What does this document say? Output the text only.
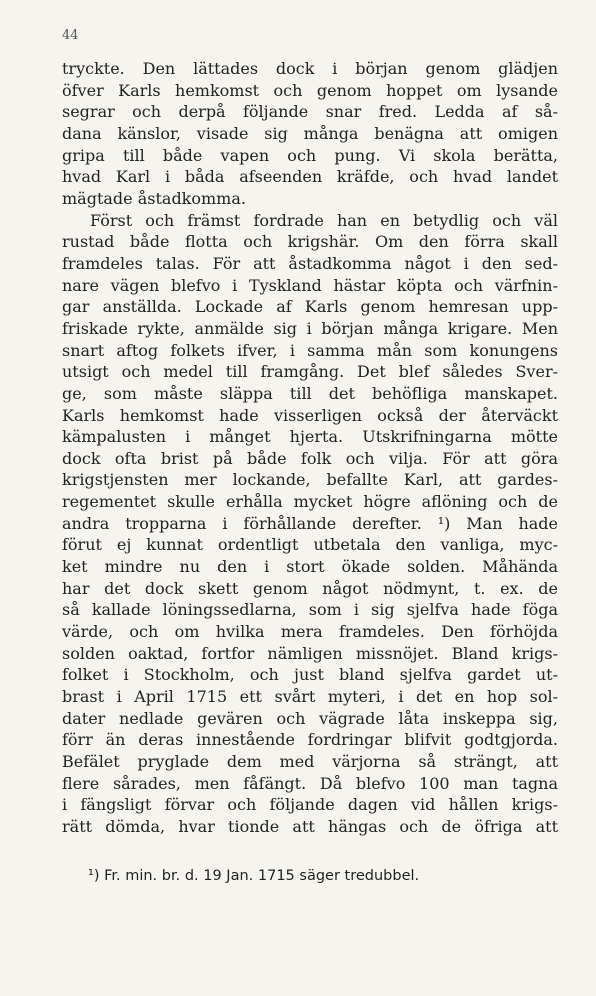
44
tryckte. Den lättades dock i början genom glädjen
öfver Karls hemkomst och genom hoppet om lysande
segrar och derpå följande snar fred. Ledda af så-
dana känslor, visade sig många benägna att omigen
gripa till både vapen och pung. Vi skola berätta,
hvad Karl i båda afseenden kräfde, och hvad landet
mägtade åstadkomma.
Först och främst fordrade han en betydlig och väl
rustad både flotta och krigshär. Om den förra skall
framdeles talas. För att åstadkomma något i den sed-
nare vägen blefvo i Tyskland hästar köpta och värfnin-
gar anställda. Lockade af Karls genom hemresan upp-
friskade rykte, anmälde sig i början många krigare. Men
snart aftog folkets ifver, i samma mån som konungens
utsigt och medel till framgång. Det blef således Sver-
ge, som måste släppa till det behöfliga manskapet.
Karls hemkomst hade visserligen också der återväckt
kämpalusten i månget hjerta. Utskrifningarna mötte
dock ofta brist på både folk och vilja. För att göra
krigstjensten mer lockande, befallte Karl, att gardes-
regementet skulle erhålla mycket högre aflöning och de
andra tropparna i förhållande derefter. ¹) Man hade
förut ej kunnat ordentligt utbetala den vanliga, myc-
ket mindre nu den i stort ökade solden. Måhända
har det dock skett genom något nödmynt, t. ex. de
så kallade löningssedlarna, som i sig sjelfva hade föga
värde, och om hvilka mera framdeles. Den förhöjda
solden oaktad, fortfor nämligen missnöjet. Bland krigs-
folket i Stockholm, och just bland sjelfva gardet ut-
brast i April 1715 ett svårt myteri, i det en hop sol-
dater nedlade gevären och vägrade låta inskeppa sig,
förr än deras innestående fordringar blifvit godtgjorda.
Befälet pryglade dem med värjorna så strängt, att
flere sårades, men fåfängt. Då blefvo 100 man tagna
i fängsligt förvar och följande dagen vid hållen krigs-
rätt dömda, hvar tionde att hängas och de öfriga att
¹) Fr. min. br. d. 19 Jan. 1715 säger tredubbel.
